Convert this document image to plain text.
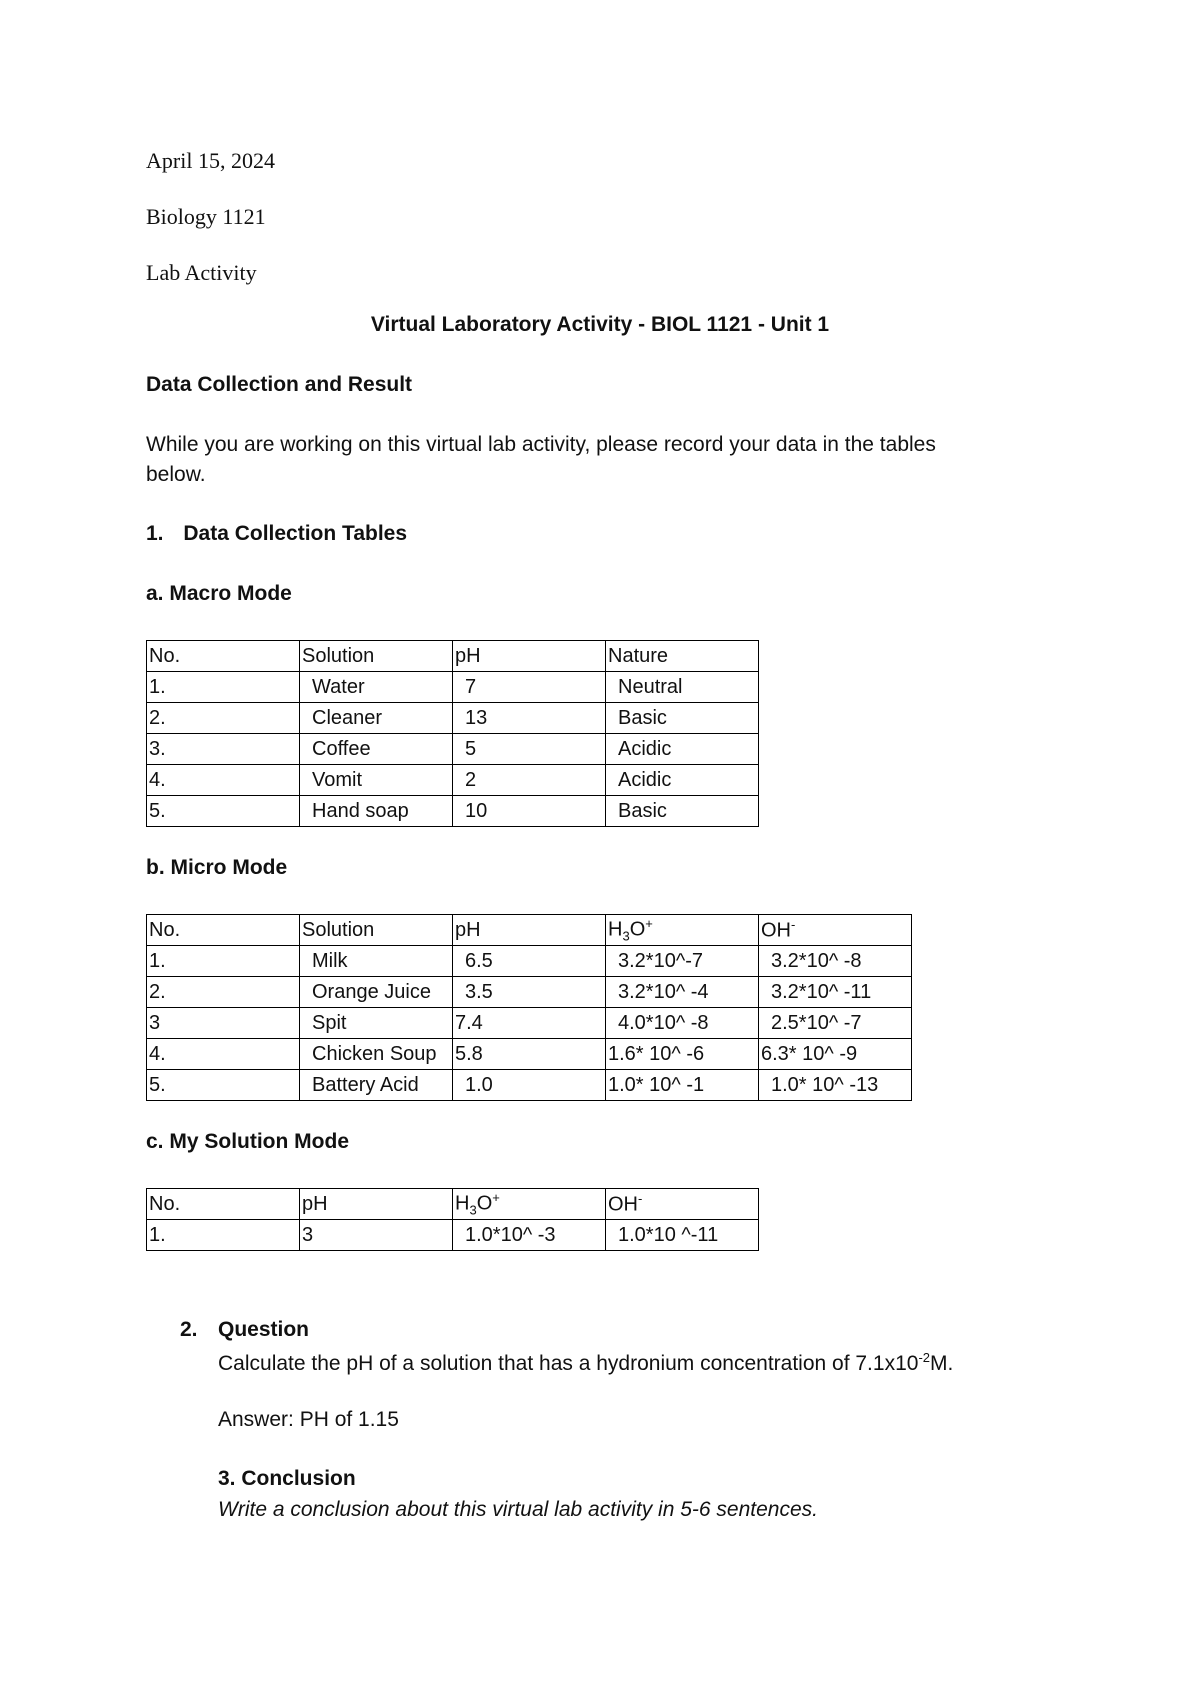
April 15, 2024
Biology 1121
Lab Activity
Virtual Laboratory Activity - BIOL 1121 - Unit 1
Data Collection and Result
While you are working on this virtual lab activity, please record your data in the tables
below.
1. Data Collection Tables
a. Macro Mode
No.	Solution	pH	Nature
1.	Water	7	Neutral
2.	Cleaner	13	Basic
3.	Coffee	5	Acidic
4.	Vomit	2	Acidic
5.	Hand soap	10	Basic
b. Micro Mode
No.	Solution	pH	$H_3O^+$	OH-
1.	Milk	6.5	3.2*10^-7	3.2*10^ -8
2.	Orange Juice	3.5	3.2*10^ -4	3.2*10^ -11
3	Spit	7.4	4.0*10^ -8	2.5*10^ -7
4.	Chicken Soup	5.8	1.6* 10^ -6	6.3* 10^ -9
5.	Battery Acid	1.0	1.0* 10^ -1	1.0* 10^ -13
c. My Solution Mode
No.	pH	$H_3O^+$	OH-
1.	3	1.0*10^ -3	1.0*10 ^-11
2. Question
Calculate the pH of a solution that has a hydronium concentration of $7.1x10^{-2}M$.
Answer: PH of 1.15
3. Conclusion
Write a conclusion about this virtual lab activity in 5-6 sentences.
